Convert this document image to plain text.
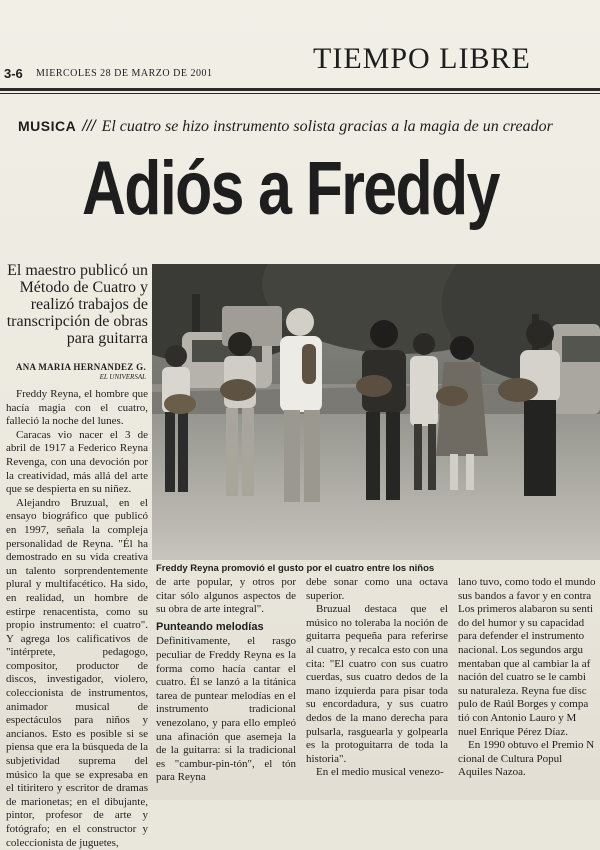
3-6 MIERCOLES 28 DE MARZO DE 2001	TIEMPO LIBRE
MUSICA /// El cuatro se hizo instrumento solista gracias a la magia de un creador
Adiós a Freddy
El maestro publicó un Método de Cuatro y realizó trabajos de transcripción de obras para guitarra
ANA MARIA HERNANDEZ G.
EL UNIVERSAL

Freddy Reyna, el hombre que hacía magia con el cuatro, falleció la noche del lunes.

Caracas vio nacer el 3 de abril de 1917 a Federico Reyna Revenga, con una devoción por la creatividad, más allá del arte que se despierta en su niñez.

Alejandro Bruzual, en el ensayo biográfico que publicó en 1997, señala la compleja personalidad de Reyna. "Él ha demostrado en su vida creativa un talento sorprendentemente plural y multifacético. Ha sido, en realidad, un hombre de estirpe renacentista, como su propio instrumento: el cuatro". Y agrega los calificativos de "intérprete, pedagogo, compositor, productor de discos, investigador, violero, coleccionista de instrumentos, animador musical de espectáculos para niños y ancianos. Esto es posible si se piensa que era la búsqueda de la subjetividad suprema del músico la que se expresaba en el titiritero y escritor de dramas de marionetas; en el dibujante, pintor, profesor de arte y fotógrafo; en el constructor y coleccionista de juguetes,

Freddy Reyna promovió el gusto por el cuatro entre los niños

de arte popular, y otros por citar sólo algunos aspectos de su obra de arte integral".

Punteando melodías

Definitivamente, el rasgo peculiar de Freddy Reyna es la forma como hacía cantar el cuatro. Él se lanzó a la titánica tarea de puntear melodías en el instrumento tradicional venezolano, y para ello empleó una afinación que asemeja la de la guitarra: si la tradicional es "cambur-pin-tón", el tón para Reyna

debe sonar como una octava superior.

Bruzual destaca que el músico no toleraba la noción de guitarra pequeña para referirse al cuatro, y recalca esto con una cita: "El cuatro con sus cuatro cuerdas, sus cuatro dedos de la mano izquierda para pisar toda su encordadura, y sus cuatro dedos de la mano derecha para pulsarla, rasguearla y golpearla es la protoguitarra de toda la historia".

En el medio musical venezo-

lano tuvo, como todo el mundo

sus bandos a favor y en contra

Los primeros alabaron su senti

do del humor y su capacidad

para defender el instrumento

nacional. Los segundos argu

mentaban que al cambiar la af

nación del cuatro se le cambi

su naturaleza. Reyna fue disc

pulo de Raúl Borges y compa

tió con Antonio Lauro y M

nuel Enrique Pérez Díaz.

En 1990 obtuvo el Premio N

cional de Cultura Popul

Aquiles Nazoa.
